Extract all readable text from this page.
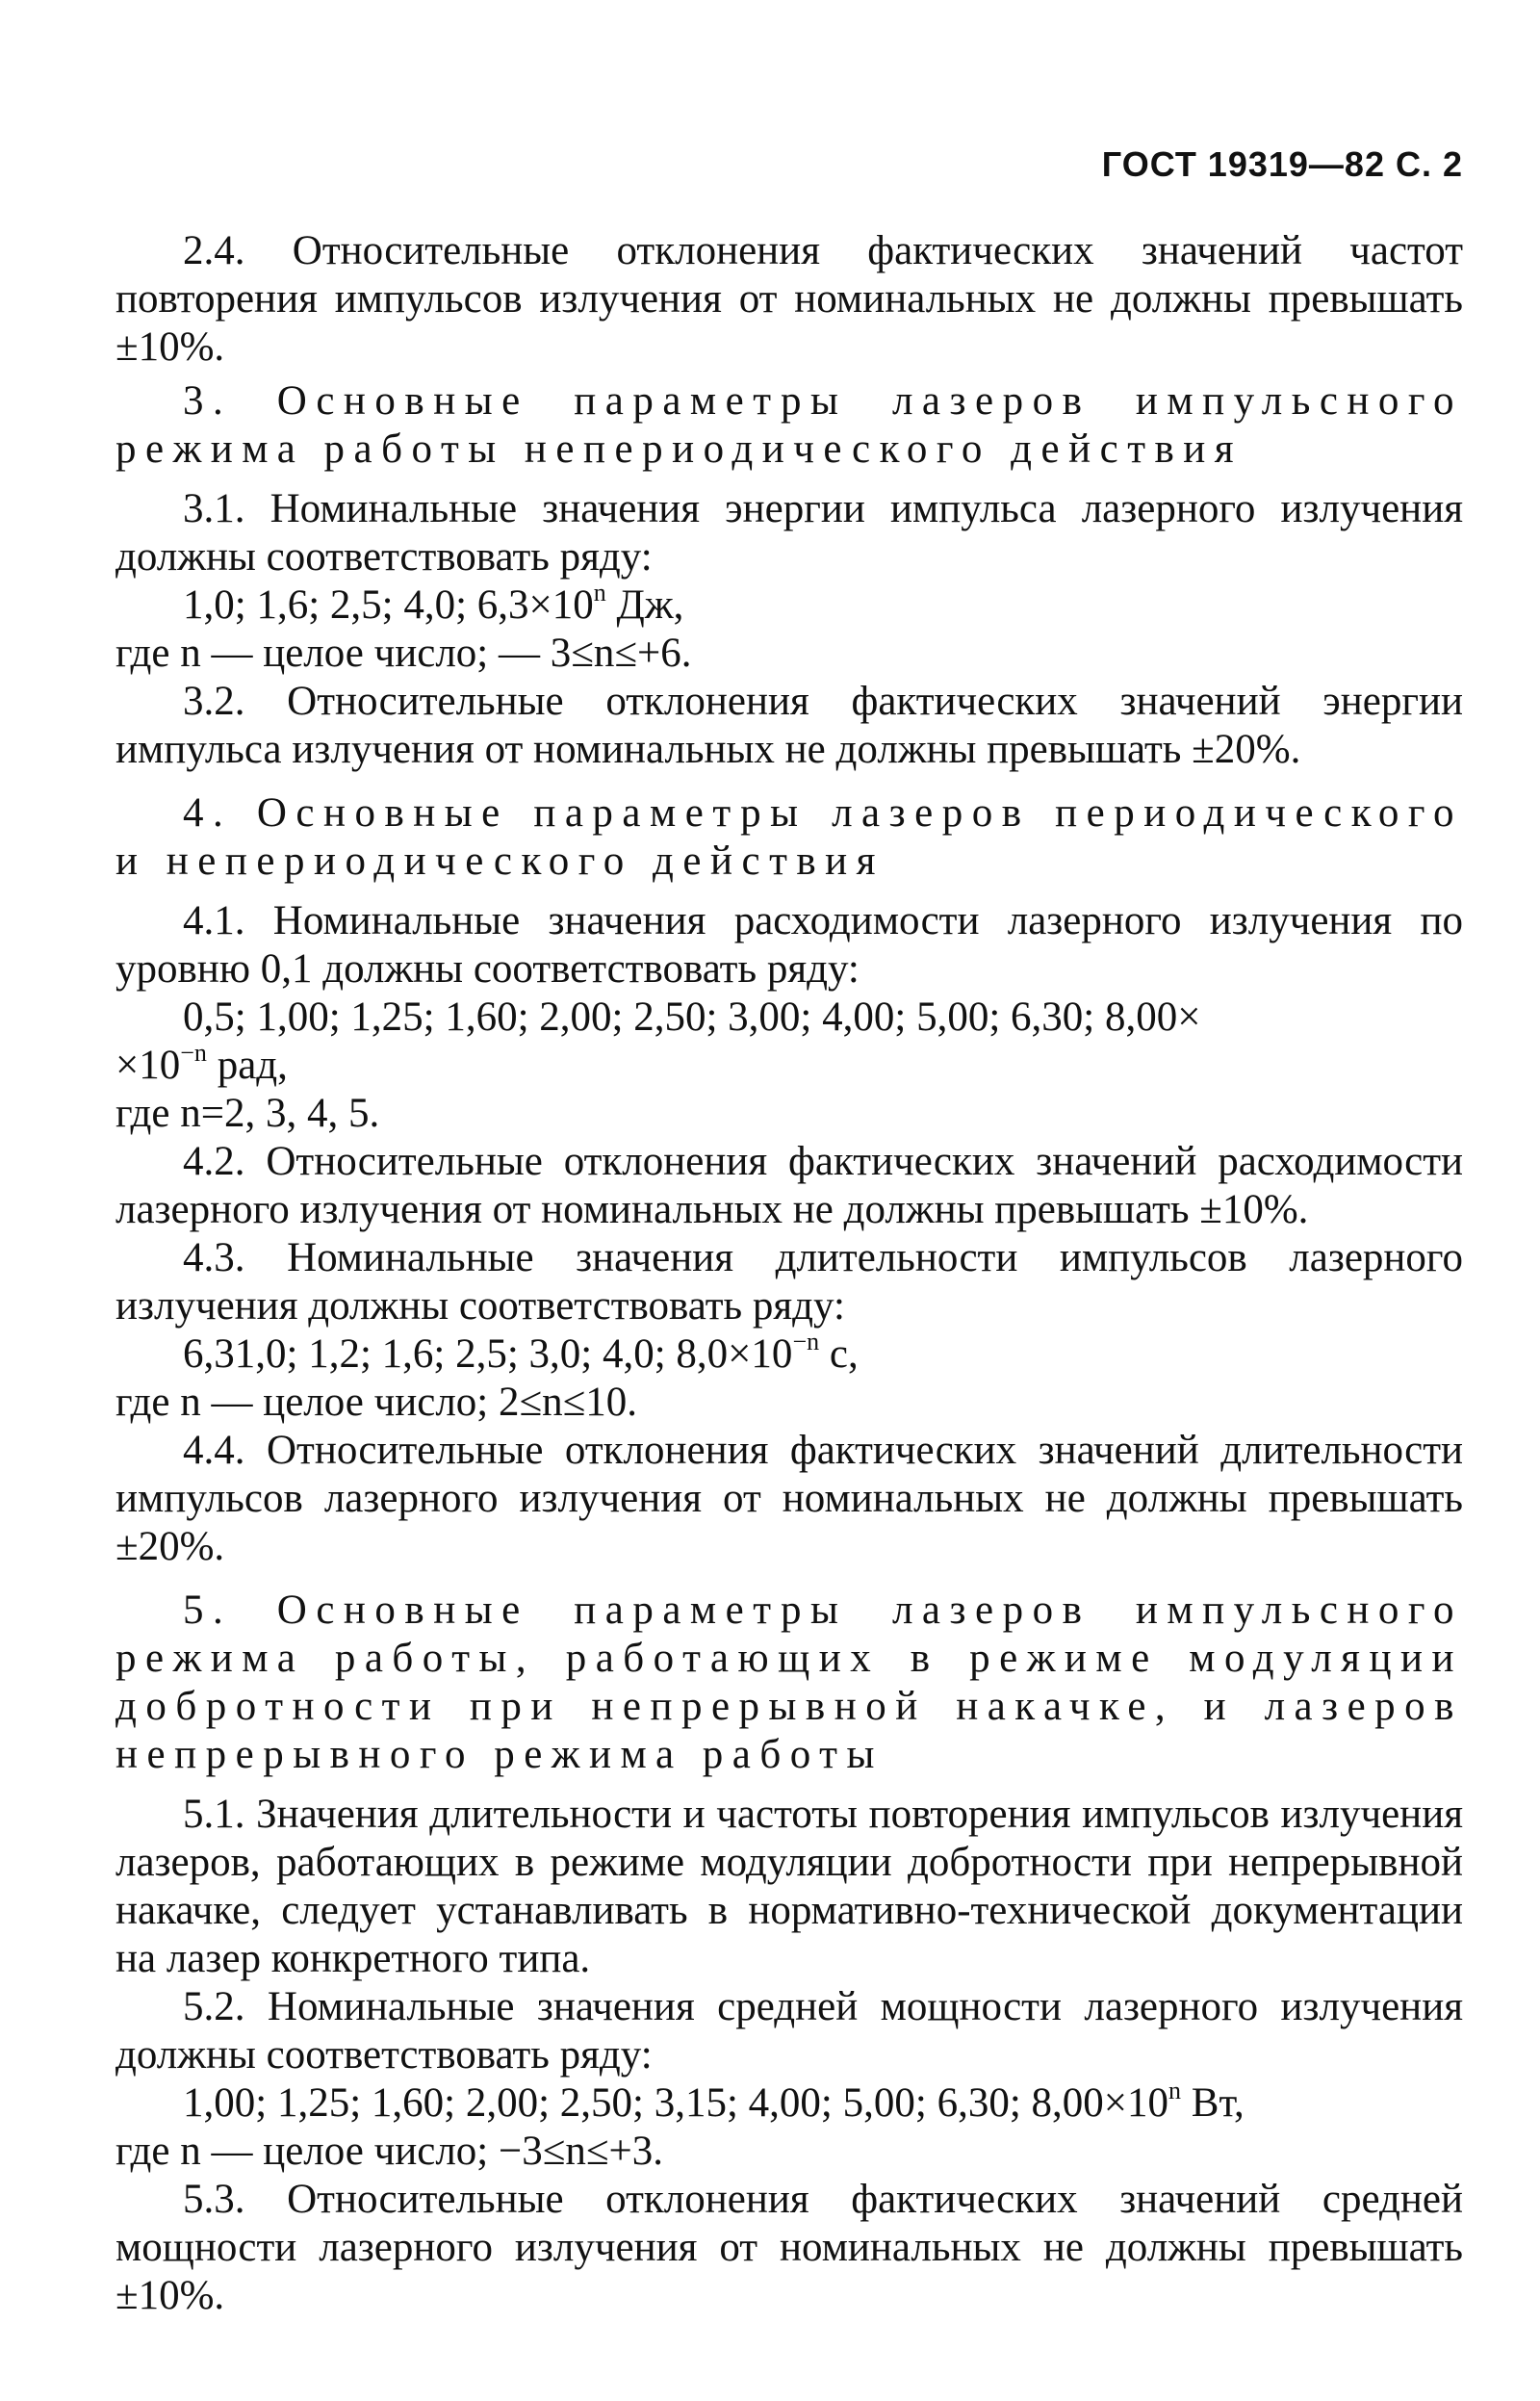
ГОСТ 19319—82 С. 2

2.4. Относительные отклонения фактических значений частот повторения импульсов излучения от номинальных не должны превышать ±10%.

3. Основные параметры лазеров импульсного режима работы непериодического действия

3.1. Номинальные значения энергии импульса лазерного излучения должны соответствовать ряду:

1,0; 1,6; 2,5; 4,0; $6,3\times 10^n$ Дж,

где n — целое число; — 3≤n≤+6.

3.2. Относительные отклонения фактических значений энергии импульса излучения от номинальных не должны превышать ±20%.

4. Основные параметры лазеров периодического и непериодического действия

4.1. Номинальные значения расходимости лазерного излучения по уровню 0,1 должны соответствовать ряду:

0,5; 1,00; 1,25; 1,60; 2,00; 2,50; 3,00; 4,00; 5,00; 6,30; 8,00×

$\times 10^{-n}$ рад,

где n=2, 3, 4, 5.

4.2. Относительные отклонения фактических значений расходимости лазерного излучения от номинальных не должны превышать ±10%.

4.3. Номинальные значения длительности импульсов лазерного излучения должны соответствовать ряду:

6,31,0; 1,2; 1,6; 2,5; 3,0; 4,0; $8,0\times 10^{-n}$ с,

где n — целое число; 2≤n≤10.

4.4. Относительные отклонения фактических значений длительности импульсов лазерного излучения от номинальных не должны превышать ±20%.

5. Основные параметры лазеров импульсного режима работы, работающих в режиме модуляции добротности при непрерывной накачке, и лазеров непрерывного режима работы

5.1. Значения длительности и частоты повторения импульсов излучения лазеров, работающих в режиме модуляции добротности при непрерывной накачке, следует устанавливать в нормативно-технической документации на лазер конкретного типа.

5.2. Номинальные значения средней мощности лазерного излучения должны соответствовать ряду:

1,00; 1,25; 1,60; 2,00; 2,50; 3,15; 4,00; 5,00; 6,30; $8,00\times 10^n$ Вт,

где n — целое число; −3≤n≤+3.

5.3. Относительные отклонения фактических значений средней мощности лазерного излучения от номинальных не должны превышать ±10%.
